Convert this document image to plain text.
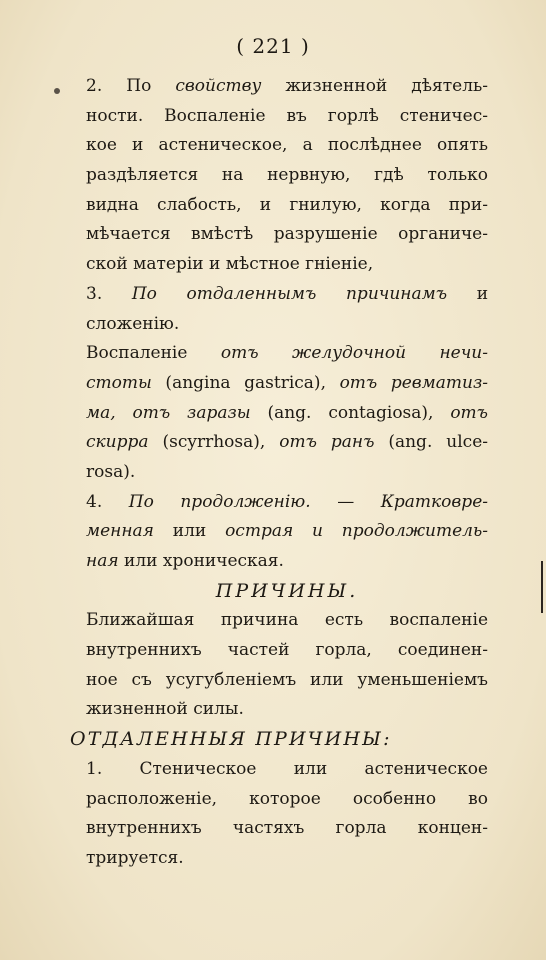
( 221 )
2. По свойству жизненной дѣятель-
ности. Воспаленіе въ горлѣ стеничес-
кое и астеническое, а послѣднее опять
раздѣляется на нервную, гдѣ только
видна слабость, и гнилую, когда при-
мѣчается вмѣстѣ разрушеніе органиче-
ской матеріи и мѣстное гніеніе,
3. По отдаленнымъ причинамъ и
сложенію.
Воспаленіе отъ желудочной нечи-
стоты (angina gastrica), отъ ревматиз-
ма, отъ заразы (ang. contagiosa), отъ
скирра (scyrrhosa), отъ ранъ (ang. ulce-
rosa).
4. По продолженію. — Кратковре-
менная или острая и продолжитель-
ная или хроническая.
ПРИЧИНЫ.
Ближайшая причина есть воспаленіе
внутреннихъ частей горла, соединен-
ное съ усугубленіемъ или уменьшеніемъ
жизненной силы.
ОТДАЛЕННЫЯ ПРИЧИНЫ:
1. Стеническое или астеническое
расположеніе, которое особенно во
внутреннихъ частяхъ горла концен-
трируется.
